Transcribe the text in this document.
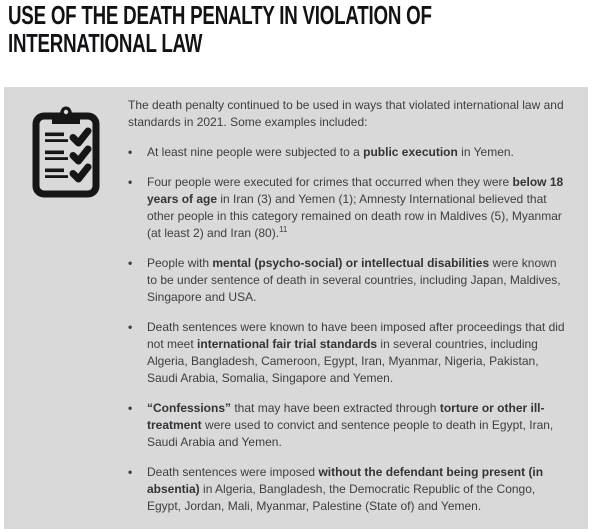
USE OF THE DEATH PENALTY IN VIOLATION OF
INTERNATIONAL LAW

The death penalty continued to be used in ways that violated international law and standards in 2021. Some examples included:

•
At least nine people were subjected to a public execution in Yemen.
•
Four people were executed for crimes that occurred when they were below 18 years of age in Iran (3) and Yemen (1); Amnesty International believed that other people in this category remained on death row in Maldives (5), Myanmar (at least 2) and Iran (80).$^{11}$
•
People with mental (psycho-social) or intellectual disabilities were known to be under sentence of death in several countries, including Japan, Maldives, Singapore and USA.
•
Death sentences were known to have been imposed after proceedings that did not meet international fair trial standards in several countries, including Algeria, Bangladesh, Cameroon, Egypt, Iran, Myanmar, Nigeria, Pakistan, Saudi Arabia, Somalia, Singapore and Yemen.
•
“Confessions” that may have been extracted through torture or other ill-treatment were used to convict and sentence people to death in Egypt, Iran, Saudi Arabia and Yemen.
•
Death sentences were imposed without the defendant being present (in absentia) in Algeria, Bangladesh, the Democratic Republic of the Congo, Egypt, Jordan, Mali, Myanmar, Palestine (State of) and Yemen.
